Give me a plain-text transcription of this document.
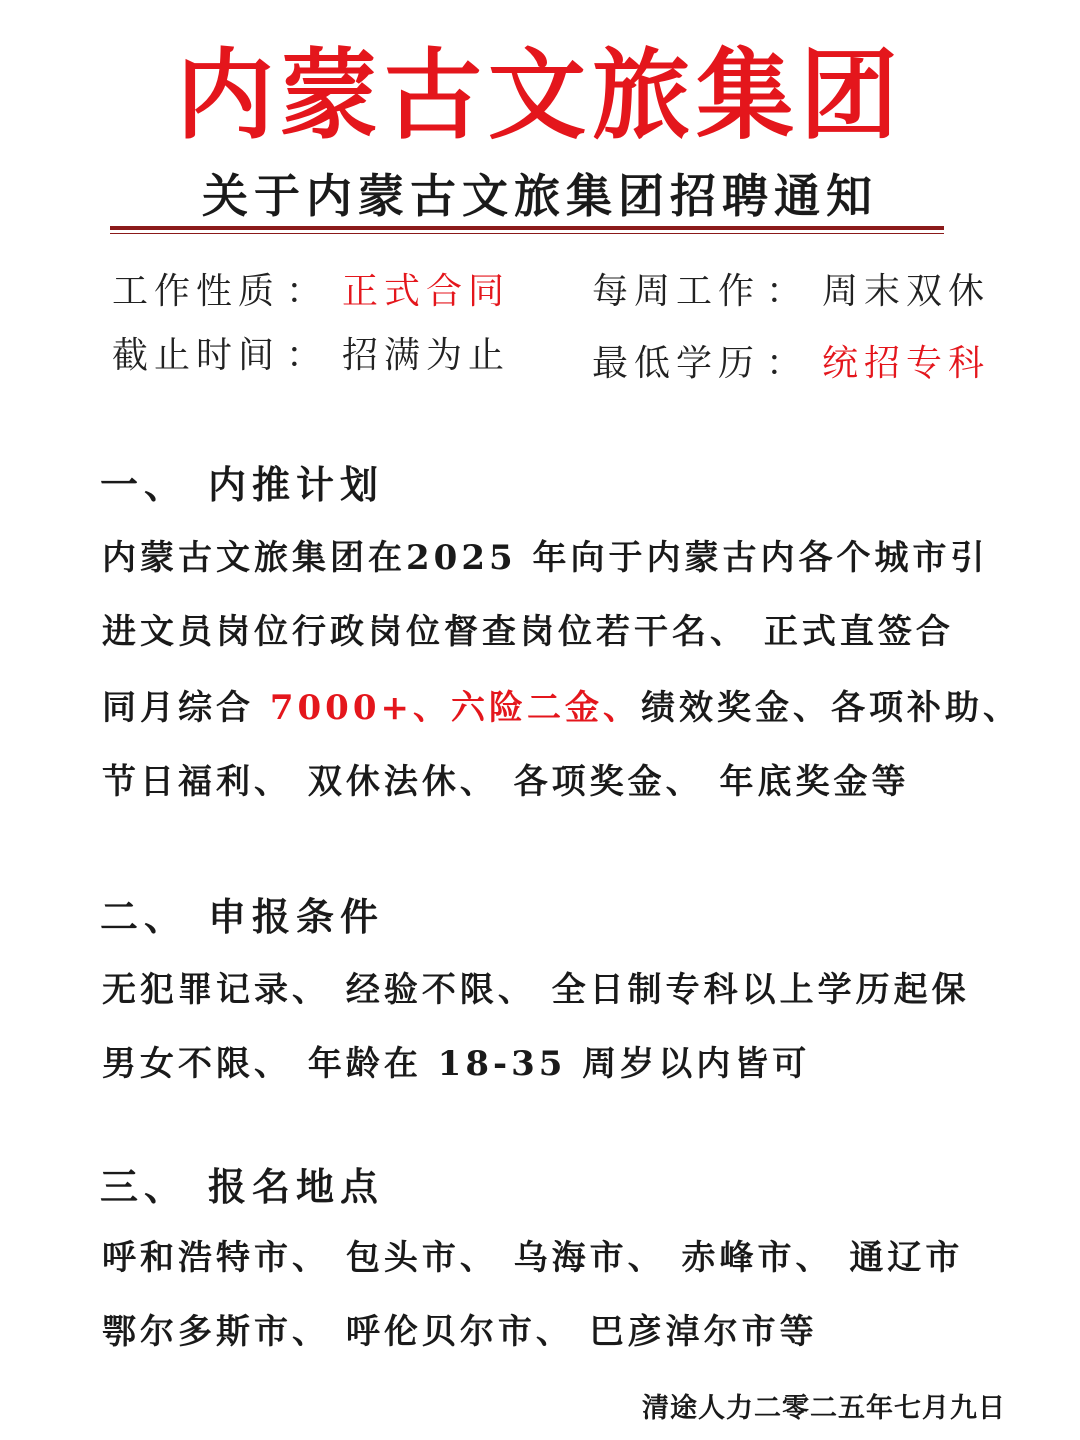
内蒙古文旅集团
关于内蒙古文旅集团招聘通知
工作性质 ： 正式合同 每周工作 ： 周末双休
截止时间 ： 招满为止 最低学历 ： 统招专科
一、 内推计划
内蒙古文旅集团在2025 年向于内蒙古内各个城市引
进文员岗位行政岗位督查岗位若干名、 正式直签合
同月综合 7000+、六险二金、绩效奖金、各项补助、
节日福利、 双休法休、 各项奖金、 年底奖金等
二、 申报条件
无犯罪记录、 经验不限、 全日制专科以上学历起保
男女不限、 年龄在 18-35 周岁以内皆可
三、 报名地点
呼和浩特市、 包头市、 乌海市、 赤峰市、 通辽市
鄂尔多斯市、 呼伦贝尔市、 巴彦淖尔市等
清途人力二零二五年七月九日
